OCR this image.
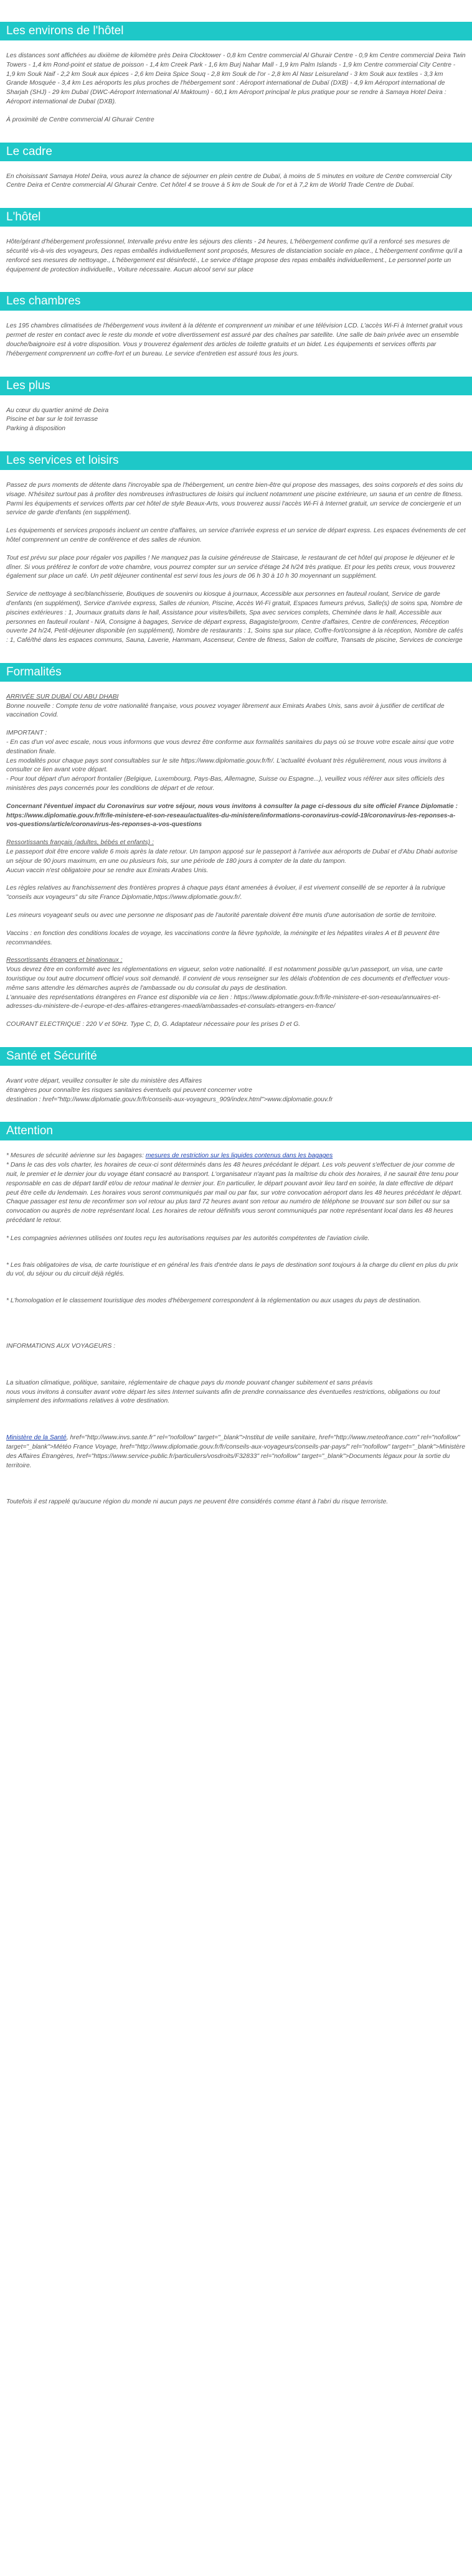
Les environs de l'hôtel

Les distances sont affichées au dixième de kilomètre près Deira Clocktower - 0,8 km Centre commercial Al Ghurair Centre - 0,9 km Centre commercial Deira Twin Towers - 1,4 km Rond-point et statue de poisson - 1,4 km Creek Park - 1,6 km Burj Nahar Mall - 1,9 km Palm Islands - 1,9 km Centre commercial City Centre - 1,9 km Souk Naif - 2,2 km Souk aux épices - 2,6 km Deira Spice Souq - 2,8 km Souk de l'or - 2,8 km Al Nasr Leisureland - 3 km Souk aux textiles - 3,3 km Grande Mosquée - 3,4 km Les aéroports les plus proches de l'hébergement sont : Aéroport international de Dubaï (DXB) - 4,9 km Aéroport international de Sharjah (SHJ) - 29 km Dubaï (DWC-Aéroport International Al Maktoum) - 60,1 km Aéroport principal le plus pratique pour se rendre à Samaya Hotel Deira : Aéroport international de Dubaï (DXB).

À proximité de Centre commercial Al Ghurair Centre

Le cadre

En choisissant Samaya Hotel Deira, vous aurez la chance de séjourner en plein centre de Dubaï, à moins de 5 minutes en voiture de Centre commercial City Centre Deira et Centre commercial Al Ghurair Centre. Cet hôtel 4 se trouve à 5 km de Souk de l'or et à 7,2 km de World Trade Centre de Dubaï.

L'hôtel

Hôte/gérant d'hébergement professionnel, Intervalle prévu entre les séjours des clients - 24 heures, L'hébergement confirme qu'il a renforcé ses mesures de sécurité vis-à-vis des voyageurs, Des repas emballés individuellement sont proposés, Mesures de distanciation sociale en place., L'hébergement confirme qu'il a renforcé ses mesures de nettoyage., L'hébergement est désinfecté., Le service d'étage propose des repas emballés individuellement., Le personnel porte un équipement de protection individuelle., Voiture nécessaire. Aucun alcool servi sur place

Les chambres

Les 195 chambres climatisées de l'hébergement vous invitent à la détente et comprennent un minibar et une télévision LCD. L'accès Wi-Fi à Internet gratuit vous permet de rester en contact avec le reste du monde et votre divertissement est assuré par des chaînes par satellite. Une salle de bain privée avec un ensemble douche/baignoire est à votre disposition. Vous y trouverez également des articles de toilette gratuits et un bidet. Les équipements et services offerts par l'hébergement comprennent un coffre-fort et un bureau. Le service d'entretien est assuré tous les jours.

Les plus
Au cœur du quartier animé de Deira
Piscine et bar sur le toit terrasse
Parking à disposition
Les services et loisirs

Passez de purs moments de détente dans l'incroyable spa de l'hébergement, un centre bien-être qui propose des massages, des soins corporels et des soins du visage. N'hésitez surtout pas à profiter des nombreuses infrastructures de loisirs qui incluent notamment une piscine extérieure, un sauna et un centre de fitness. Parmi les équipements et services offerts par cet hôtel de style Beaux-Arts, vous trouverez aussi l'accès Wi-Fi à Internet gratuit, un service de conciergerie et un service de garde d'enfants (en supplément).

Les équipements et services proposés incluent un centre d'affaires, un service d'arrivée express et un service de départ express. Les espaces événements de cet hôtel comprennent un centre de conférence et des salles de réunion.

Tout est prévu sur place pour régaler vos papilles ! Ne manquez pas la cuisine généreuse de Staircase, le restaurant de cet hôtel qui propose le déjeuner et le dîner. Si vous préférez le confort de votre chambre, vous pourrez compter sur un service d'étage 24 h/24 très pratique. Et pour les petits creux, vous trouverez également sur place un café. Un petit déjeuner continental est servi tous les jours de 06 h 30 à 10 h 30 moyennant un supplément.

Service de nettoyage à sec/blanchisserie, Boutiques de souvenirs ou kiosque à journaux, Accessible aux personnes en fauteuil roulant, Service de garde d'enfants (en supplément), Service d'arrivée express, Salles de réunion, Piscine, Accès Wi-Fi gratuit, Espaces fumeurs prévus, Salle(s) de soins spa, Nombre de piscines extérieures : 1, Journaux gratuits dans le hall, Assistance pour visites/billets, Spa avec services complets, Cheminée dans le hall, Accessible aux personnes en fauteuil roulant - N/A, Consigne à bagages, Service de départ express, Bagagiste/groom, Centre d'affaires, Centre de conférences, Réception ouverte 24 h/24, Petit-déjeuner disponible (en supplément), Nombre de restaurants : 1, Soins spa sur place, Coffre-fort/consigne à la réception, Nombre de cafés : 1, Café/thé dans les espaces communs, Sauna, Laverie, Hammam, Ascenseur, Centre de fitness, Salon de coiffure, Transats de piscine, Services de concierge

Formalités
ARRIVÉE SUR DUBAÏ OU ABU DHABI

Bonne nouvelle : Compte tenu de votre nationalité française, vous pouvez voyager librement aux Emirats Arabes Unis, sans avoir à justifier de certificat de vaccination Covid.

IMPORTANT :
- En cas d'un vol avec escale, nous vous informons que vous devrez être conforme aux formalités sanitaires du pays où se trouve votre escale ainsi que votre destination finale.
Les modalités pour chaque pays sont consultables sur le site https://www.diplomatie.gouv.fr/fr/. L'actualité évoluant très régulièrement, nous vous invitons à consulter ce lien avant votre départ.

- Pour tout départ d'un aéroport frontalier (Belgique, Luxembourg, Pays-Bas, Allemagne, Suisse ou Espagne...), veuillez vous référer aux sites officiels des ministères des pays concernés pour les conditions de départ et de retour.

Concernant l'éventuel impact du Coronavirus sur votre séjour, nous vous invitons à consulter la page ci-dessous du site officiel France Diplomatie : https://www.diplomatie.gouv.fr/fr/le-ministere-et-son-reseau/actualites-du-ministere/informations-coronavirus-covid-19/coronavirus-les-reponses-a-vos-questions/article/coronavirus-les-reponses-a-vos-questions

Ressortissants français (adultes, bébés et enfants) :
Le passeport doit être encore valide 6 mois après la date retour. Un tampon apposé sur le passeport à l'arrivée aux aéroports de Dubaï et d'Abu Dhabi autorise un séjour de 90 jours maximum, en une ou plusieurs fois, sur une période de 180 jours à compter de la date du tampon.

Aucun vaccin n'est obligatoire pour se rendre aux Emirats Arabes Unis.

Les règles relatives au franchissement des frontières propres à chaque pays étant amenées à évoluer, il est vivement conseillé de se reporter à la rubrique "conseils aux voyageurs" du site France Diplomatie,https://www.diplomatie.gouv.fr/.

Les mineurs voyageant seuls ou avec une personne ne disposant pas de l'autorité parentale doivent être munis d'une autorisation de sortie de territoire.

Vaccins : en fonction des conditions locales de voyage, les vaccinations contre la fièvre typhoïde, la méningite et les hépatites virales A et B peuvent être recommandées.

Ressortissants étrangers et binationaux :
Vous devrez être en conformité avec les réglementations en vigueur, selon votre nationalité. Il est notamment possible qu'un passeport, un visa, une carte touristique ou tout autre document officiel vous soit demandé. Il convient de vous renseigner sur les délais d'obtention de ces documents et d'effectuer vous-même sans attendre les démarches auprès de l'ambassade ou du consulat du pays de destination.

L'annuaire des représentations étrangères en France est disponible via ce lien : https://www.diplomatie.gouv.fr/fr/le-ministere-et-son-reseau/annuaires-et-adresses-du-ministere-de-l-europe-et-des-affaires-etrangeres-maedi/ambassades-et-consulats-etrangers-en-france/

COURANT ELECTRIQUE : 220 V et 50Hz. Type C, D, G. Adaptateur nécessaire pour les prises D et G.

Santé et Sécurité
Avant votre départ, veuillez consulter le site du ministère des Affaires
étrangères pour connaître les risques sanitaires éventuels qui peuvent concerner votre
destination : href="http://www.diplomatie.gouv.fr/fr/conseils-aux-voyageurs_909/index.html">www.diplomatie.gouv.fr
Attention
* Mesures de sécurité aérienne sur les bagages: mesures de restriction sur les liquides contenus dans les bagages

* Dans le cas des vols charter, les horaires de ceux-ci sont déterminés dans les 48 heures précédant le départ. Les vols peuvent s'effectuer de jour comme de nuit, le premier et le dernier jour du voyage étant consacré au transport. L'organisateur n'ayant pas la maîtrise du choix des horaires, il ne saurait être tenu pour responsable en cas de départ tardif et/ou de retour matinal le dernier jour. En particulier, le départ pouvant avoir lieu tard en soirée, la date effective de départ peut être celle du lendemain. Les horaires vous seront communiqués par mail ou par fax, sur votre convocation aéroport dans les 48 heures précédant le départ. Chaque passager est tenu de reconfirmer son vol retour au plus tard 72 heures avant son retour au numéro de téléphone se trouvant sur son billet ou sur sa convocation ou auprès de notre représentant local. Les horaires de retour définitifs vous seront communiqués par notre représentant local dans les 48 heures précédant le retour.

* Les compagnies aériennes utilisées ont toutes reçu les autorisations requises par les autorités compétentes de l'aviation civile.

* Les frais obligatoires de visa, de carte touristique et en général les frais d'entrée dans le pays de destination sont toujours à la charge du client en plus du prix du vol, du séjour ou du circuit déjà réglés.

* L'homologation et le classement touristique des modes d'hébergement correspondent à la réglementation ou aux usages du pays de destination.

INFORMATIONS AUX VOYAGEURS :

La situation climatique, politique, sanitaire, réglementaire de chaque pays du monde pouvant changer subitement et sans préavis

nous vous invitons à consulter avant votre départ les sites Internet suivants afin de prendre connaissance des éventuelles restrictions, obligations ou tout simplement des informations relatives à votre destination.

Ministère de la Santé, href="http://www.invs.sante.fr" rel="nofollow" target="_blank">Institut de veille sanitaire, href="http://www.meteofrance.com" rel="nofollow" target="_blank">Météo France Voyage, href="http://www.diplomatie.gouv.fr/fr/conseils-aux-voyageurs/conseils-par-pays/" rel="nofollow" target="_blank">Ministère des Affaires Étrangères, href="https://www.service-public.fr/particuliers/vosdroits/F32833" rel="nofollow" target="_blank">Documents légaux pour la sortie du territoire.

Toutefois il est rappelé qu'aucune région du monde ni aucun pays ne peuvent être considérés comme étant à l'abri du risque terroriste.
